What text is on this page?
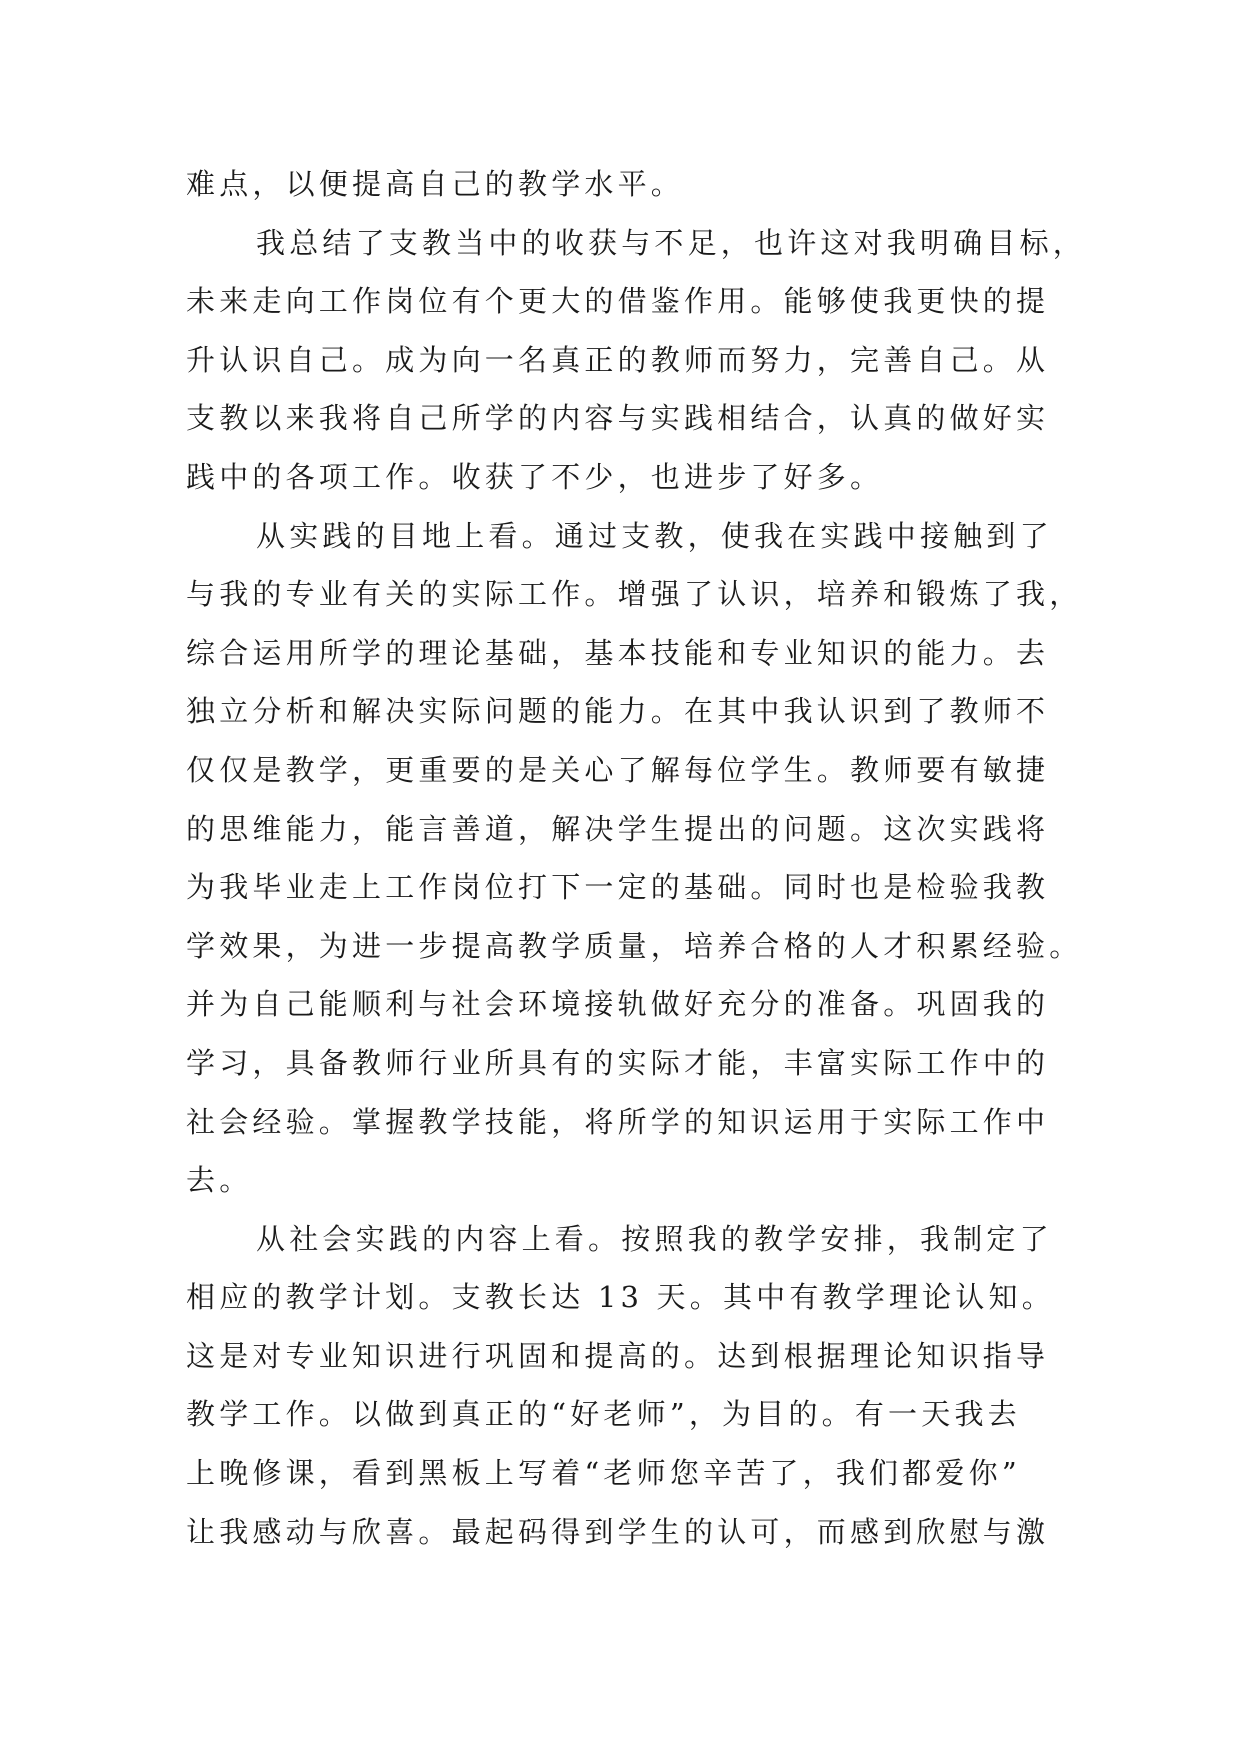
难点，以便提高自己的教学水平。
我总结了支教当中的收获与不足，也许这对我明确目标，
未来走向工作岗位有个更大的借鉴作用。能够使我更快的提
升认识自己。成为向一名真正的教师而努力，完善自己。从
支教以来我将自己所学的内容与实践相结合，认真的做好实
践中的各项工作。收获了不少，也进步了好多。
从实践的目地上看。通过支教，使我在实践中接触到了
与我的专业有关的实际工作。增强了认识，培养和锻炼了我，
综合运用所学的理论基础，基本技能和专业知识的能力。去
独立分析和解决实际问题的能力。在其中我认识到了教师不
仅仅是教学，更重要的是关心了解每位学生。教师要有敏捷
的思维能力，能言善道，解决学生提出的问题。这次实践将
为我毕业走上工作岗位打下一定的基础。同时也是检验我教
学效果，为进一步提高教学质量，培养合格的人才积累经验。
并为自己能顺利与社会环境接轨做好充分的准备。巩固我的
学习，具备教师行业所具有的实际才能，丰富实际工作中的
社会经验。掌握教学技能，将所学的知识运用于实际工作中
去。
从社会实践的内容上看。按照我的教学安排，我制定了
相应的教学计划。支教长达 13 天。其中有教学理论认知。
这是对专业知识进行巩固和提高的。达到根据理论知识指导
教学工作。以做到真正的“好老师”，为目的。有一天我去
上晚修课，看到黑板上写着“老师您辛苦了，我们都爱你”
让我感动与欣喜。最起码得到学生的认可，而感到欣慰与激
